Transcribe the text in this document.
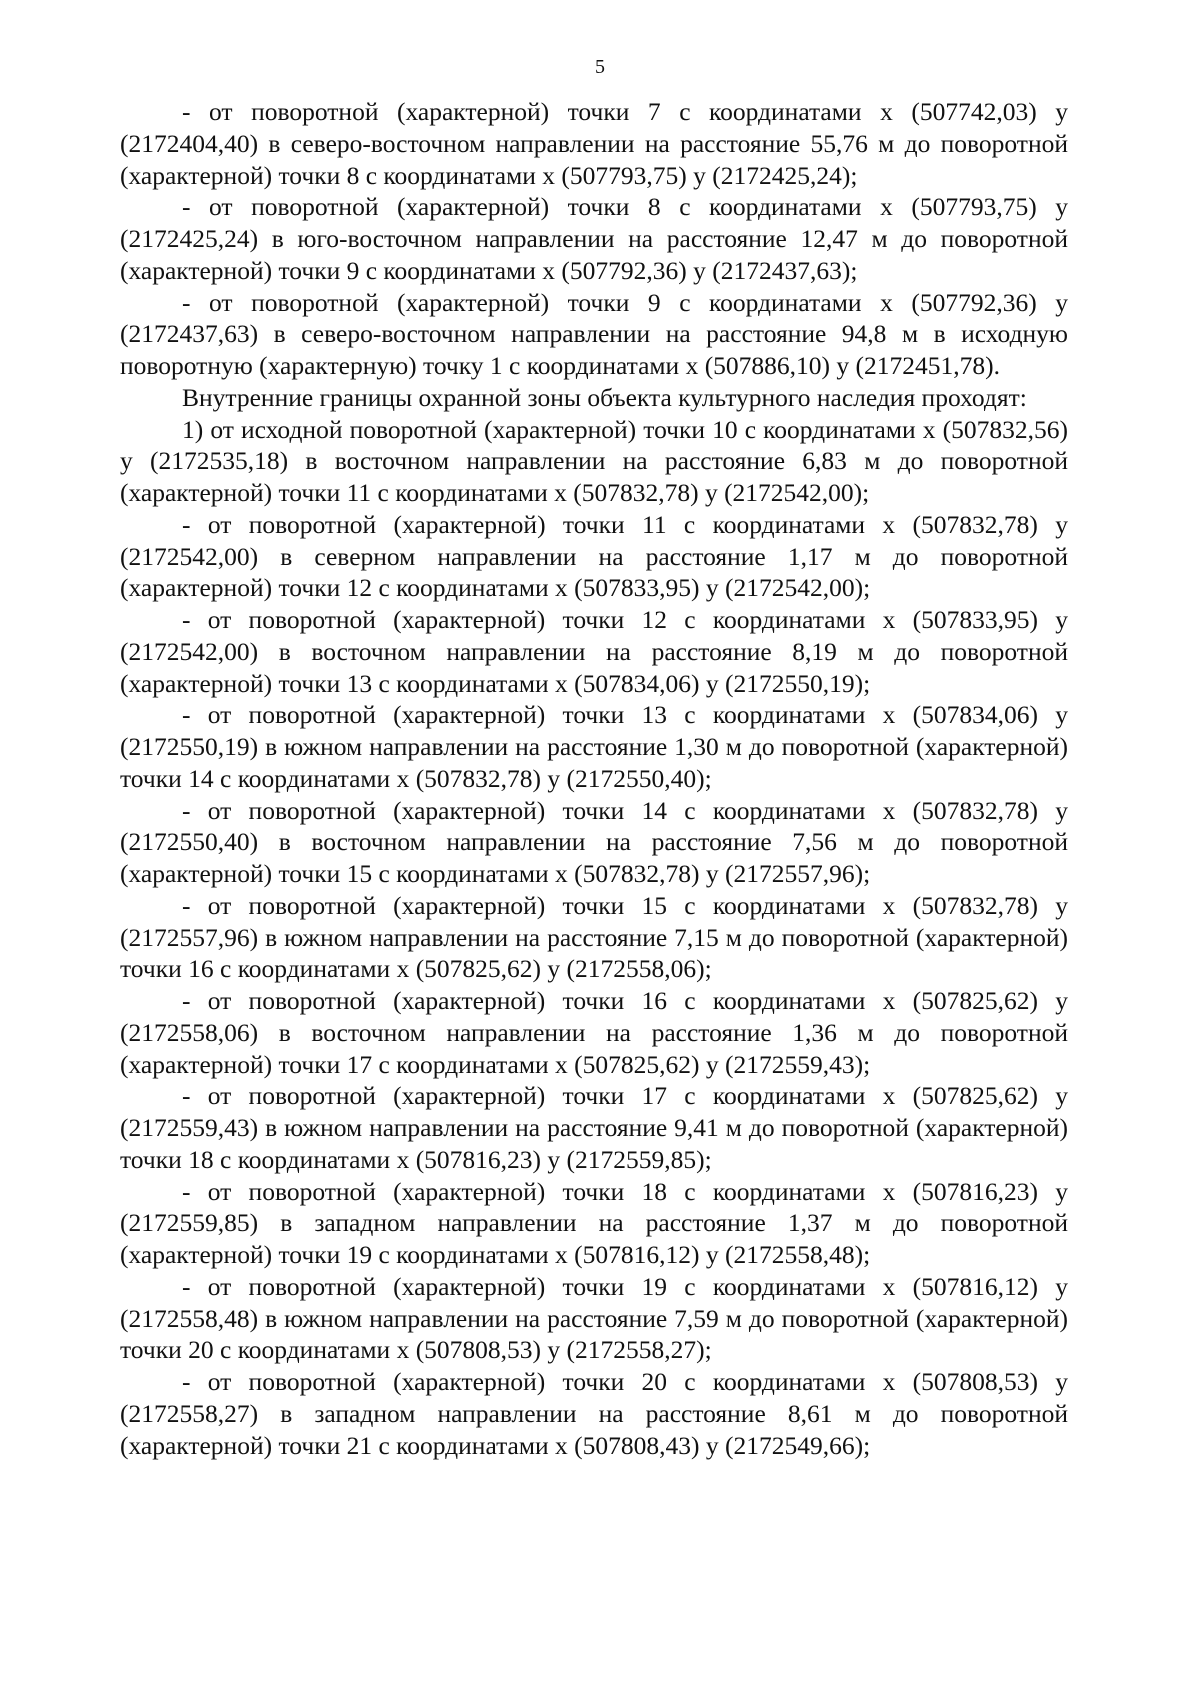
5

- от поворотной (характерной) точки 7 с координатами x (507742,03) y (2172404,40) в северо-восточном направлении на расстояние 55,76 м до поворотной (характерной) точки 8 с координатами x (507793,75) y (2172425,24);

- от поворотной (характерной) точки 8 с координатами x (507793,75) y (2172425,24) в юго-восточном направлении на расстояние 12,47 м до поворотной (характерной) точки 9 с координатами x (507792,36) y (2172437,63);

- от поворотной (характерной) точки 9 с координатами x (507792,36) y (2172437,63) в северо-восточном направлении на расстояние 94,8 м в исходную поворотную (характерную) точку 1 с координатами x (507886,10) y (2172451,78).

Внутренние границы охранной зоны объекта культурного наследия проходят:

1) от исходной поворотной (характерной) точки 10 с координатами x (507832,56) y (2172535,18) в восточном направлении на расстояние 6,83 м до поворотной (характерной) точки 11 с координатами x (507832,78) y (2172542,00);

- от поворотной (характерной) точки 11 с координатами x (507832,78) y (2172542,00) в северном направлении на расстояние 1,17 м до поворотной (характерной) точки 12 с координатами x (507833,95) y (2172542,00);

- от поворотной (характерной) точки 12 с координатами x (507833,95) y (2172542,00) в восточном направлении на расстояние 8,19 м до поворотной (характерной) точки 13 с координатами x (507834,06) y (2172550,19);

- от поворотной (характерной) точки 13 с координатами x (507834,06) y (2172550,19) в южном направлении на расстояние 1,30 м до поворотной (характерной) точки 14 с координатами x (507832,78) y (2172550,40);

- от поворотной (характерной) точки 14 с координатами x (507832,78) y (2172550,40) в восточном направлении на расстояние 7,56 м до поворотной (характерной) точки 15 с координатами x (507832,78) y (2172557,96);

- от поворотной (характерной) точки 15 с координатами x (507832,78) y (2172557,96) в южном направлении на расстояние 7,15 м до поворотной (характерной) точки 16 с координатами x (507825,62) y (2172558,06);

- от поворотной (характерной) точки 16 с координатами x (507825,62) y (2172558,06) в восточном направлении на расстояние 1,36 м до поворотной (характерной) точки 17 с координатами x (507825,62) y (2172559,43);

- от поворотной (характерной) точки 17 с координатами x (507825,62) y (2172559,43) в южном направлении на расстояние 9,41 м до поворотной (характерной) точки 18 с координатами x (507816,23) y (2172559,85);

- от поворотной (характерной) точки 18 с координатами x (507816,23) y (2172559,85) в западном направлении на расстояние 1,37 м до поворотной (характерной) точки 19 с координатами x (507816,12) y (2172558,48);

- от поворотной (характерной) точки 19 с координатами x (507816,12) y (2172558,48) в южном направлении на расстояние 7,59 м до поворотной (характерной) точки 20 с координатами x (507808,53) y (2172558,27);

- от поворотной (характерной) точки 20 с координатами x (507808,53) y (2172558,27) в западном направлении на расстояние 8,61 м до поворотной (характерной) точки 21 с координатами x (507808,43) y (2172549,66);
